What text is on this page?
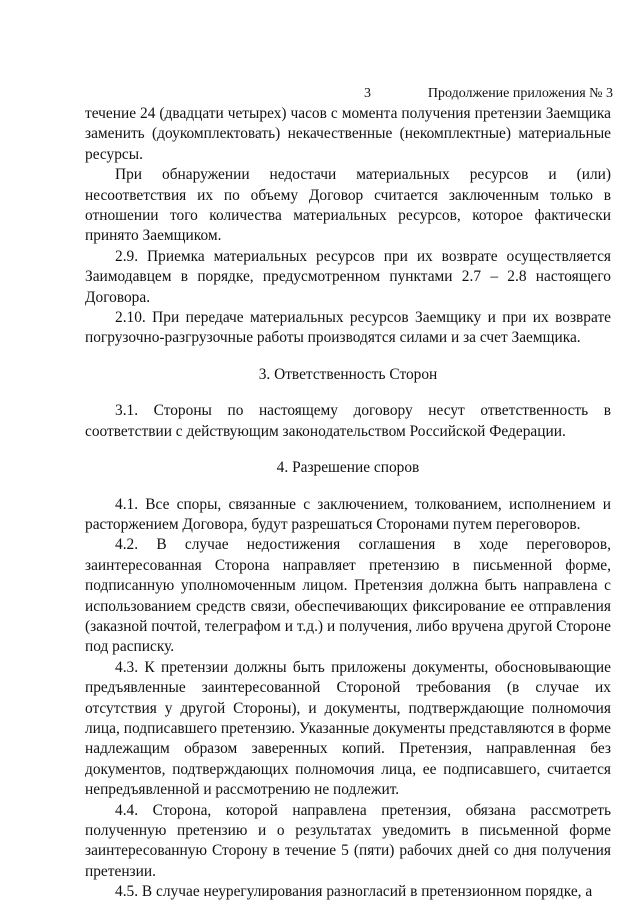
3	Продолжение приложения № 3

течение 24 (двадцати четырех) часов с момента получения претензии Заемщика заменить (доукомплектовать) некачественные (некомплектные) материальные ресурсы.

При обнаружении недостачи материальных ресурсов и (или) несоответствия их по объему Договор считается заключенным только в отношении того количества материальных ресурсов, которое фактически принято Заемщиком.

2.9. Приемка материальных ресурсов при их возврате осуществляется Заимодавцем в порядке, предусмотренном пунктами 2.7 – 2.8 настоящего Договора.

2.10. При передаче материальных ресурсов Заемщику и при их возврате погрузочно-разгрузочные работы производятся силами и за счет Заемщика.

3. Ответственность Сторон

3.1. Стороны по настоящему договору несут ответственность в соответствии с действующим законодательством Российской Федерации.

4. Разрешение споров

4.1. Все споры, связанные с заключением, толкованием, исполнением и расторжением Договора, будут разрешаться Сторонами путем переговоров.

4.2. В случае недостижения соглашения в ходе переговоров, заинтересованная Сторона направляет претензию в письменной форме, подписанную уполномоченным лицом. Претензия должна быть направлена с использованием средств связи, обеспечивающих фиксирование ее отправления (заказной почтой, телеграфом и т.д.) и получения, либо вручена другой Стороне под расписку.

4.3. К претензии должны быть приложены документы, обосновывающие предъявленные заинтересованной Стороной требования (в случае их отсутствия у другой Стороны), и документы, подтверждающие полномочия лица, подписавшего претензию. Указанные документы представляются в форме надлежащим образом заверенных копий. Претензия, направленная без документов, подтверждающих полномочия лица, ее подписавшего, считается непредъявленной и рассмотрению не подлежит.

4.4. Сторона, которой направлена претензия, обязана рассмотреть полученную претензию и о результатах уведомить в письменной форме заинтересованную Сторону в течение 5 (пяти) рабочих дней со дня получения претензии.

4.5. В случае неурегулирования разногласий в претензионном порядке, а
